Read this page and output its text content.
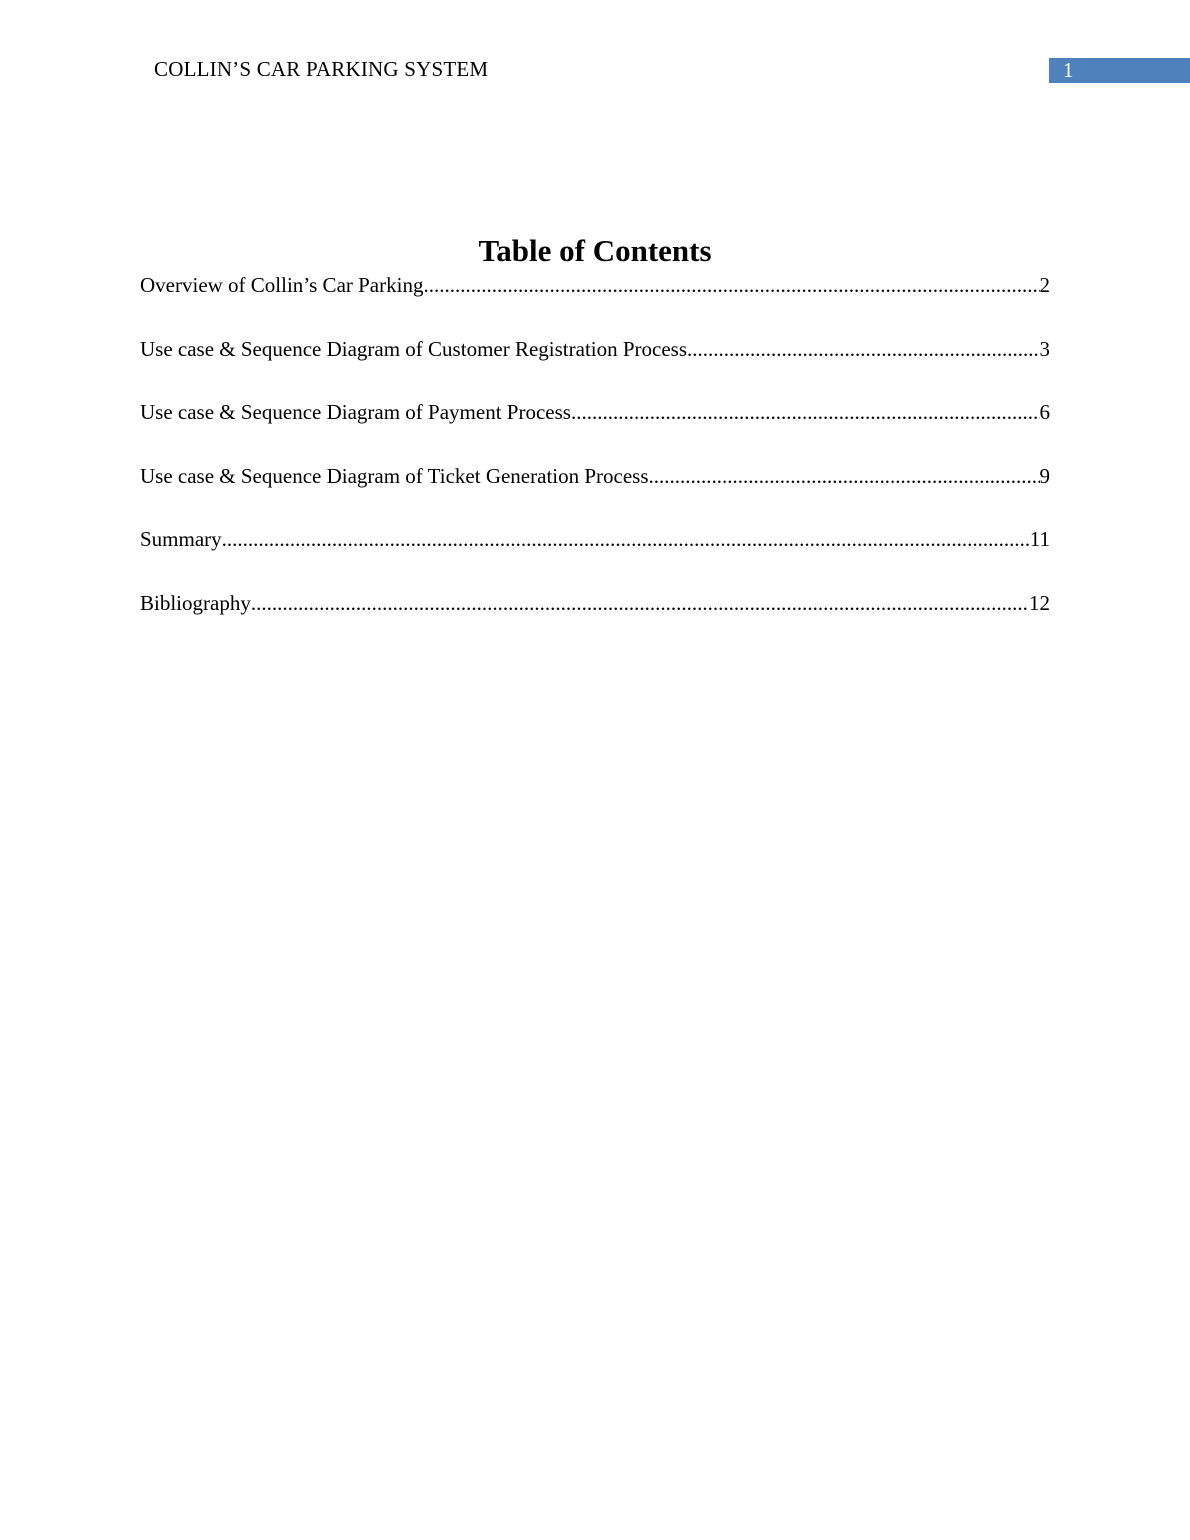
COLLIN’S CAR PARKING SYSTEM	1
Table of Contents
Overview of Collin’s Car Parking .....	2
Use case & Sequence Diagram of Customer Registration Process .....	3
Use case & Sequence Diagram of Payment Process .....	6
Use case & Sequence Diagram of Ticket Generation Process .....	9
Summary .....	11
Bibliography .....	12
